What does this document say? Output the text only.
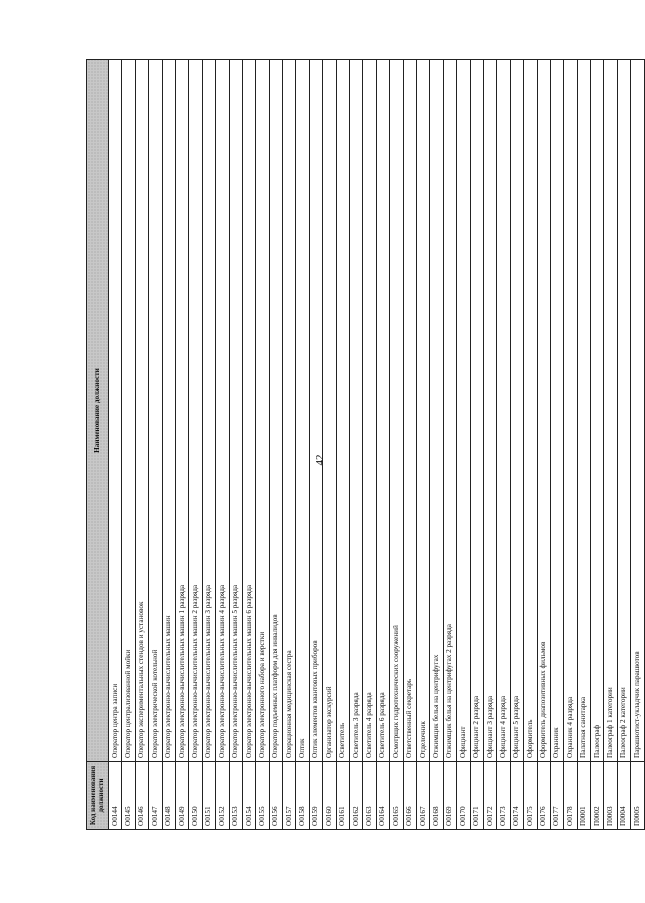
42
Код наименования должности	Наименование должности
О0144	Оператор центра записи
О0145	Оператор централизованной мойки
О0146	Оператор экспериментальных стендов и установок
О0147	Оператор электрической котельной
О0148	Оператор электронно-вычислительных машин
О0149	Оператор электронно-вычислительных машин 1 разряда
О0150	Оператор электронно-вычислительных машин 2 разряда
О0151	Оператор электронно-вычислительных машин 3 разряда
О0152	Оператор электронно-вычислительных машин 4 разряда
О0153	Оператор электронно-вычислительных машин 5 разряда
О0154	Оператор электронно-вычислительных машин 6 разряда
О0155	Оператор электронного набора и верстки
О0156	Оператор подъемных платформ для инвалидов
О0157	Операционная медицинская сестра
О0158	Оптик
О0159	Оптик элементов квантовых приборов
О0160	Организатор экскурсий
О0161	Осветитель
О0162	Осветитель 3 разряда
О0163	Осветитель 4 разряда
О0164	Осветитель 6 разряда
О0165	Осмотрщик гидротехнических сооружений
О0166	Ответственный секретарь
О0167	Отделочник
О0168	Отжимщик белья на центрифугах
О0169	Отжимщик белья на центрифугах 2 разряда
О0170	Официант
О0171	Официант 2 разряда
О0172	Официант 3 разряда
О0173	Официант 4 разряда
О0174	Официант 5 разряда
О0175	Оформитель
О0176	Оформитель диапозитивных фильмов
О0177	Охранник
О0178	Охранник 4 разряда
П0001	Палатная санитарка
П0002	Палеограф
П0003	Палеограф 1 категории
П0004	Палеограф 2 категории
П0005	Парашютист-укладчик парашютов
